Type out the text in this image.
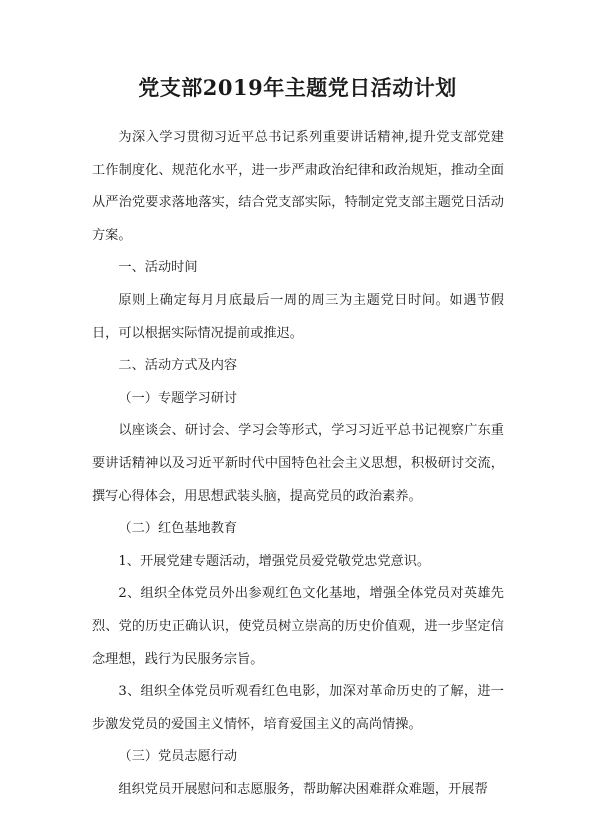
党支部2019年主题党日活动计划

为深入学习贯彻习近平总书记系列重要讲话精神,提升党支部党建工作制度化、规范化水平，进一步严肃政治纪律和政治规矩，推动全面从严治党要求落地落实，结合党支部实际，特制定党支部主题党日活动方案。

一、活动时间

原则上确定每月月底最后一周的周三为主题党日时间。如遇节假日，可以根据实际情况提前或推迟。

二、活动方式及内容

（一）专题学习研讨

以座谈会、研讨会、学习会等形式，学习习近平总书记视察广东重要讲话精神以及习近平新时代中国特色社会主义思想，积极研讨交流，撰写心得体会，用思想武装头脑，提高党员的政治素养。

（二）红色基地教育

1、开展党建专题活动，增强党员爱党敬党忠党意识。

2、组织全体党员外出参观红色文化基地，增强全体党员对英雄先烈、党的历史正确认识，使党员树立崇高的历史价值观，进一步坚定信念理想，践行为民服务宗旨。

3、组织全体党员听观看红色电影，加深对革命历史的了解，进一步激发党员的爱国主义情怀，培育爱国主义的高尚情操。

（三）党员志愿行动

组织党员开展慰问和志愿服务，帮助解决困难群众难题，开展帮
